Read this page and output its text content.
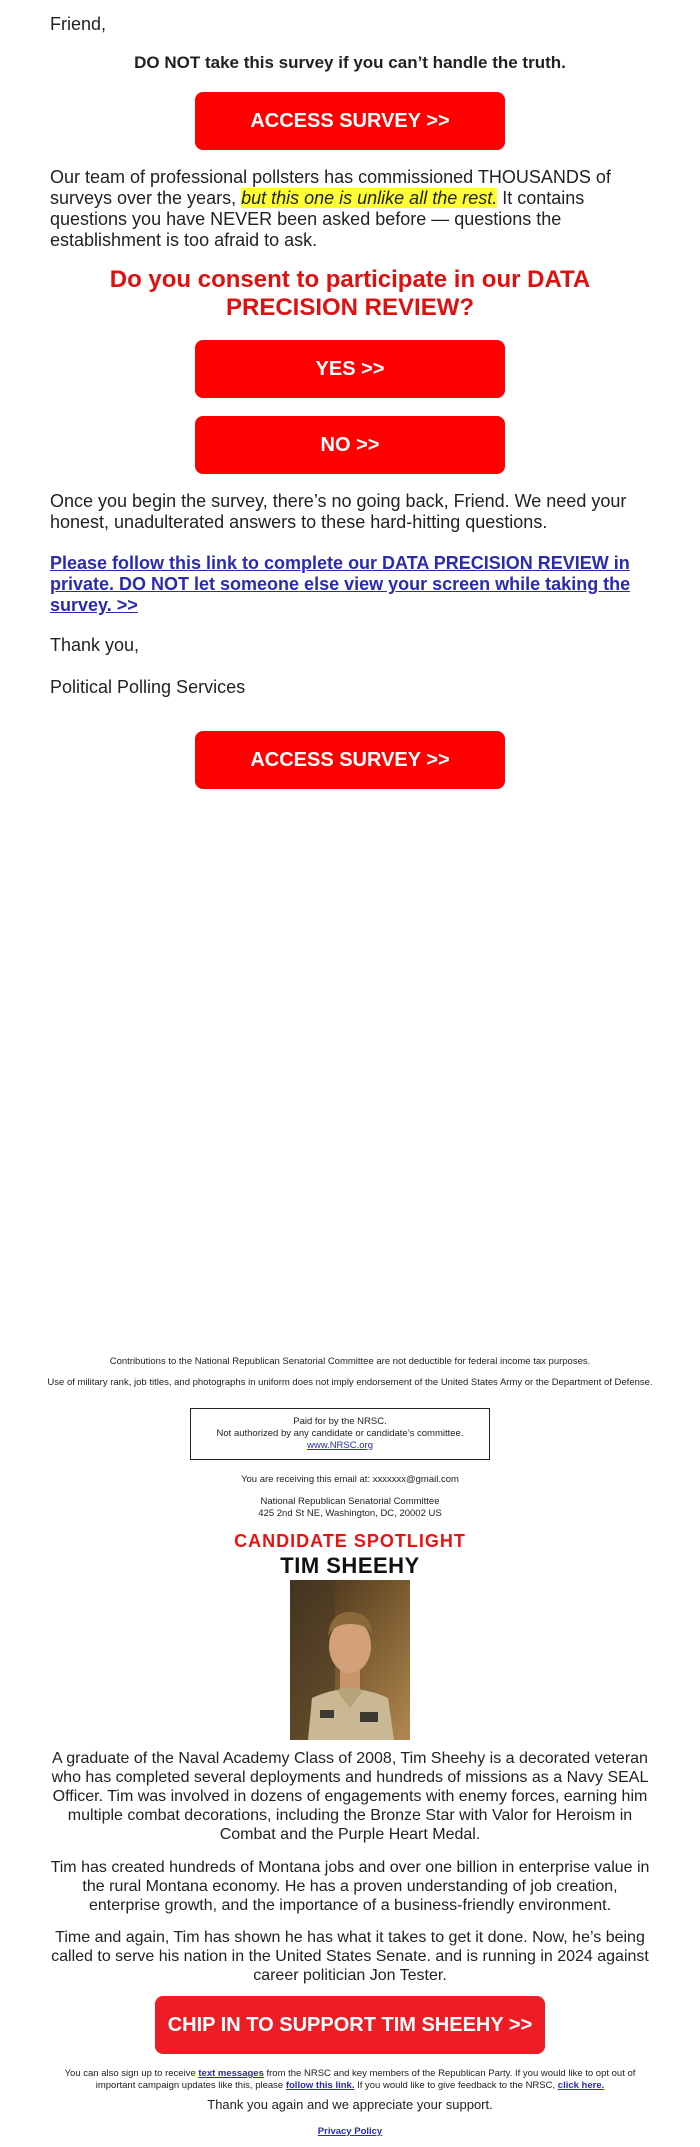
Friend,

DO NOT take this survey if you can’t handle the truth.

ACCESS SURVEY >>

Our team of professional pollsters has commissioned THOUSANDS of surveys over the years, but this one is unlike all the rest. It contains questions you have NEVER been asked before — questions the establishment is too afraid to ask.

Do you consent to participate in our DATA PRECISION REVIEW?
YES >>
NO >>

Once you begin the survey, there’s no going back, Friend. We need your honest, unadulterated answers to these hard-hitting questions.

Please follow this link to complete our DATA PRECISION REVIEW in private. DO NOT let someone else view your screen while taking the survey. >>

Thank you,

Political Polling Services

ACCESS SURVEY >>
Contributions to the National Republican Senatorial Committee are not deductible for federal income tax purposes.
Use of military rank, job titles, and photographs in uniform does not imply endorsement of the United States Army or the Department of Defense.
Paid for by the NRSC.
Not authorized by any candidate or candidate’s committee.
www.NRSC.org
You are receiving this email at: xxxxxxx@gmail.com
National Republican Senatorial Committee
425 2nd St NE, Washington, DC, 20002 US
CANDIDATE SPOTLIGHT
TIM SHEEHY
A graduate of the Naval Academy Class of 2008, Tim Sheehy is a decorated veteran who has completed several deployments and hundreds of missions as a Navy SEAL Officer. Tim was involved in dozens of engagements with enemy forces, earning him multiple combat decorations, including the Bronze Star with Valor for Heroism in Combat and the Purple Heart Medal.
Tim has created hundreds of Montana jobs and over one billion in enterprise value in the rural Montana economy. He has a proven understanding of job creation, enterprise growth, and the importance of a business-friendly environment.
Time and again, Tim has shown he has what it takes to get it done. Now, he’s being called to serve his nation in the United States Senate. and is running in 2024 against career politician Jon Tester.
CHIP IN TO SUPPORT TIM SHEEHY >>
You can also sign up to receive text messages from the NRSC and key members of the Republican Party. If you would like to opt out of important campaign updates like this, please follow this link. If you would like to give feedback to the NRSC, click here.
Thank you again and we appreciate your support.
Privacy Policy
